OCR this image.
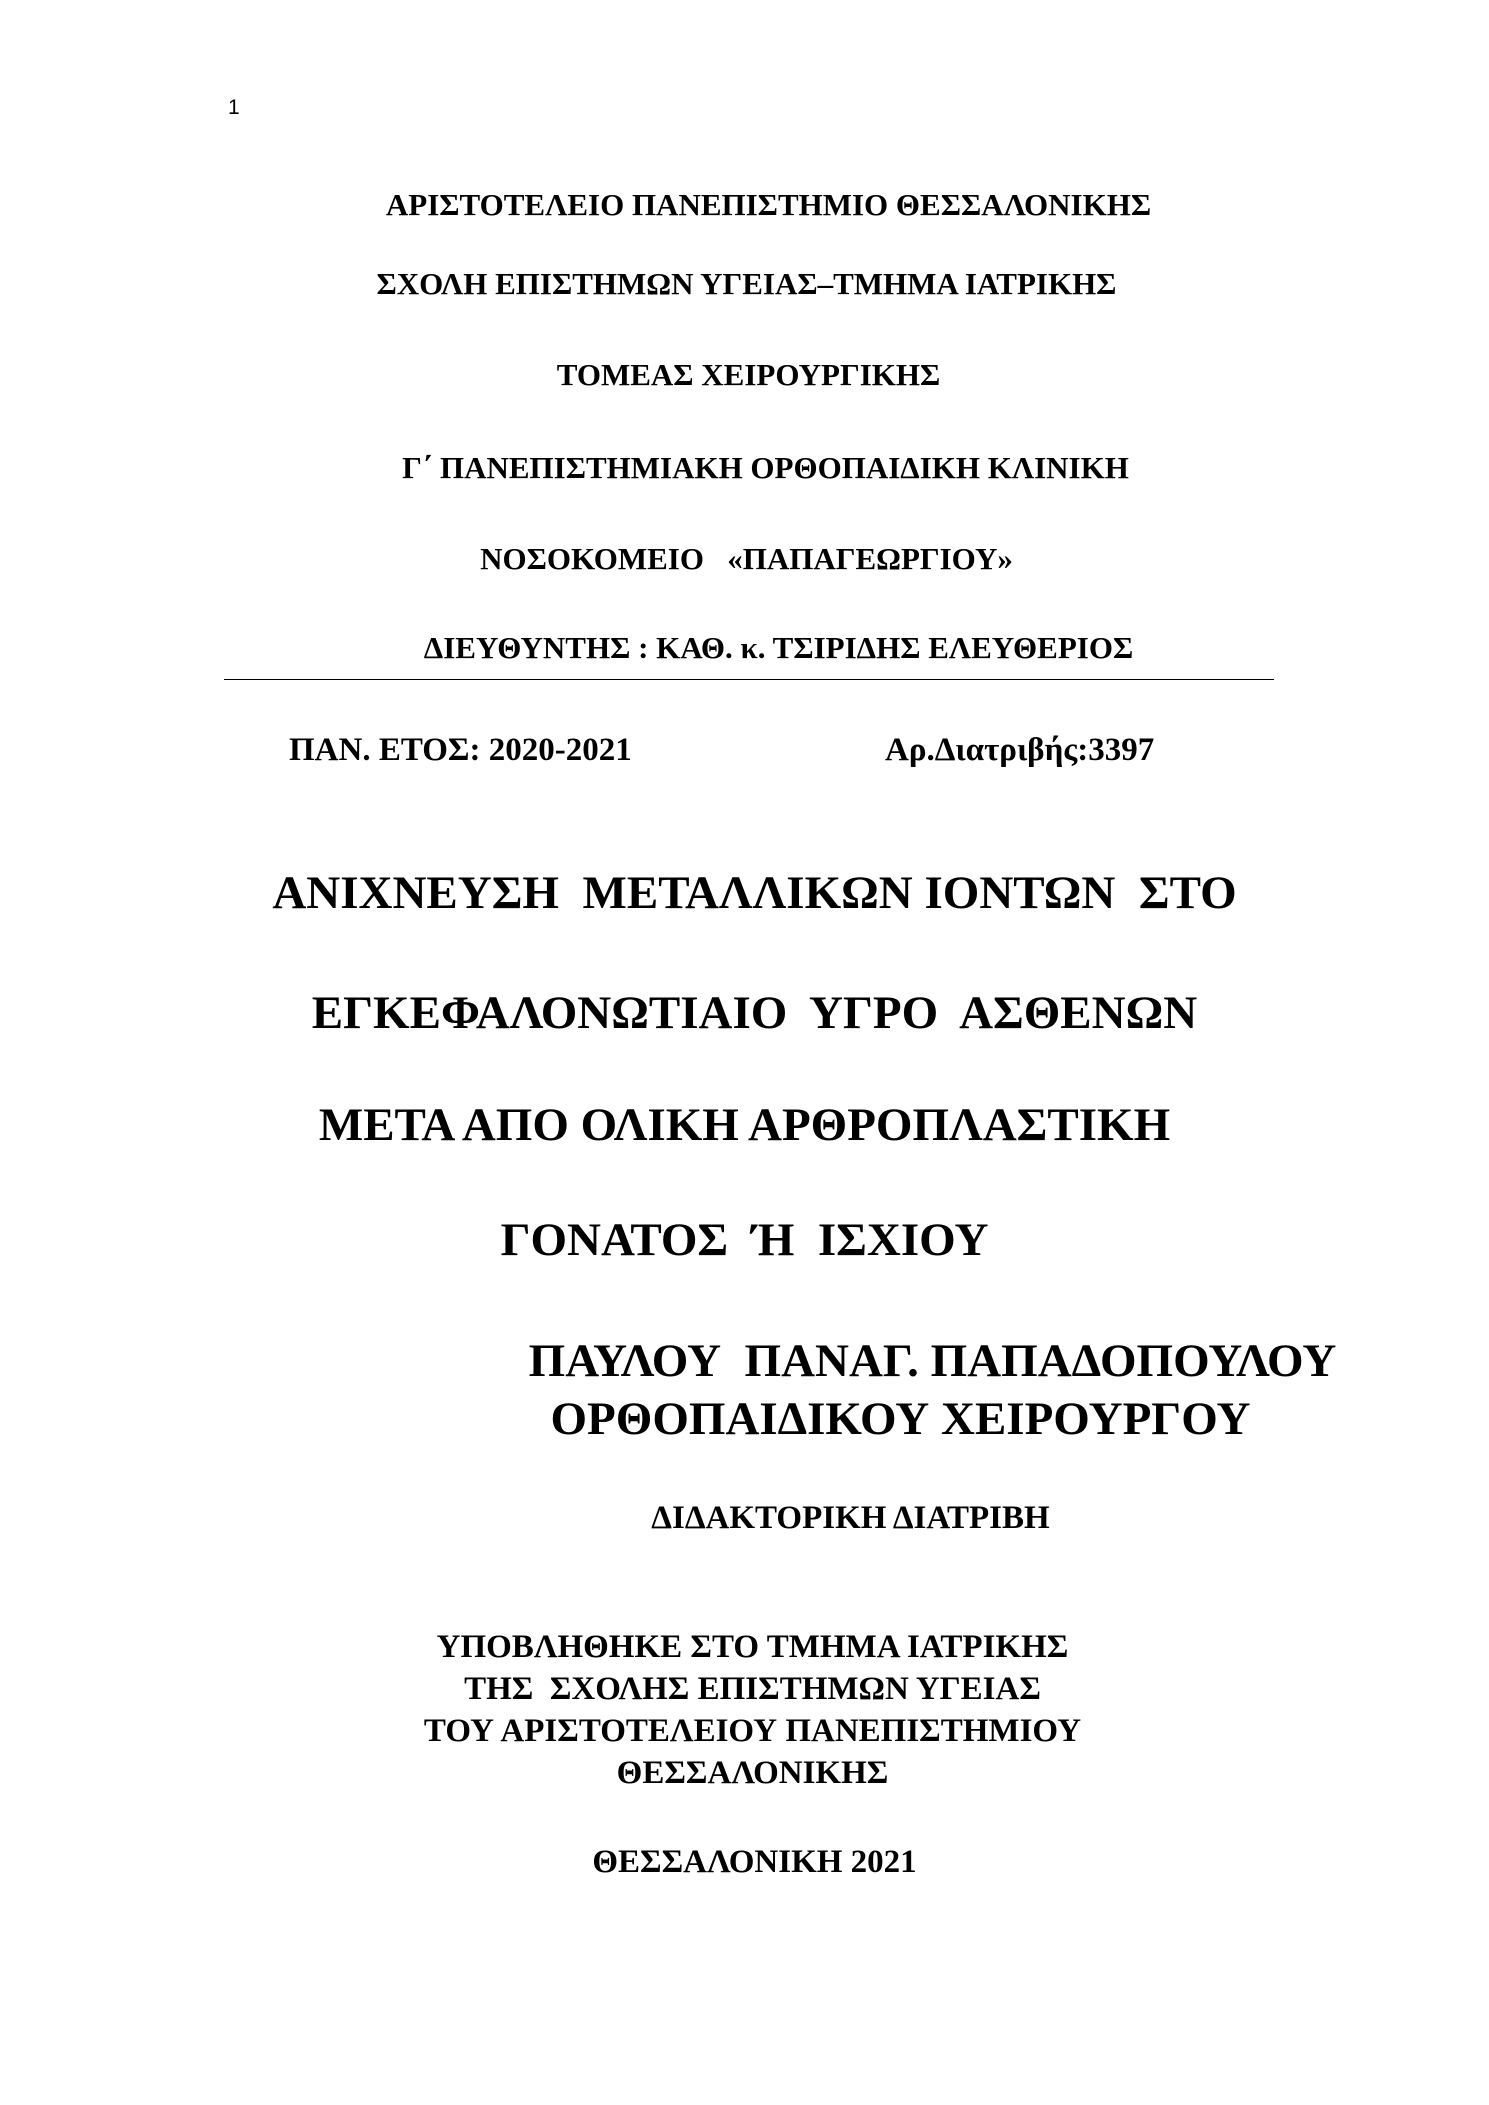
1
ΑΡΙΣΤΟΤΕΛΕΙΟ ΠΑΝΕΠΙΣΤΗΜΙΟ ΘΕΣΣΑΛΟΝΙΚΗΣ
ΣΧΟΛΗ ΕΠΙΣΤΗΜΩΝ ΥΓΕΙΑΣ–ΤΜΗΜΑ ΙΑΤΡΙΚΗΣ
ΤΟΜΕΑΣ ΧΕΙΡΟΥΡΓΙΚΗΣ
Γ΄ ΠΑΝΕΠΙΣΤΗΜΙΑΚΗ ΟΡΘΟΠΑΙΔΙΚΗ ΚΛΙΝΙΚΗ
ΝΟΣΟΚΟΜΕΙΟ   «ΠΑΠΑΓΕΩΡΓΙΟΥ»
ΔΙΕΥΘΥΝΤΗΣ : ΚΑΘ. κ. ΤΣΙΡΙΔΗΣ ΕΛΕΥΘΕΡΙΟΣ
ΠΑΝ. ΕΤΟΣ: 2020-2021	Αρ.Διατριβής:3397
ΑΝΙΧΝΕΥΣΗ  ΜΕΤΑΛΛΙΚΩΝ ΙΟΝΤΩΝ  ΣΤΟ
ΕΓΚΕΦΑΛΟΝΩΤΙΑΙΟ  ΥΓΡΟ  ΑΣΘΕΝΩΝ
ΜΕΤΑ ΑΠΟ ΟΛΙΚΗ ΑΡΘΡΟΠΛΑΣΤΙΚΗ
ΓΟΝΑΤΟΣ  Ή  ΙΣΧΙΟΥ
ΠΑΥΛΟΥ  ΠΑΝΑΓ. ΠΑΠΑΔΟΠΟΥΛΟΥ
ΟΡΘΟΠΑΙΔΙΚΟΥ ΧΕΙΡΟΥΡΓΟΥ
ΔΙΔΑΚΤΟΡΙΚΗ ΔΙΑΤΡΙΒΗ
ΥΠΟΒΛΗΘΗΚΕ ΣΤΟ ΤΜΗΜΑ ΙΑΤΡΙΚΗΣ
ΤΗΣ  ΣΧΟΛΗΣ ΕΠΙΣΤΗΜΩΝ ΥΓΕΙΑΣ
ΤΟΥ ΑΡΙΣΤΟΤΕΛΕΙΟΥ ΠΑΝΕΠΙΣΤΗΜΙΟΥ
ΘΕΣΣΑΛΟΝΙΚΗΣ
ΘΕΣΣΑΛΟΝΙΚΗ 2021
